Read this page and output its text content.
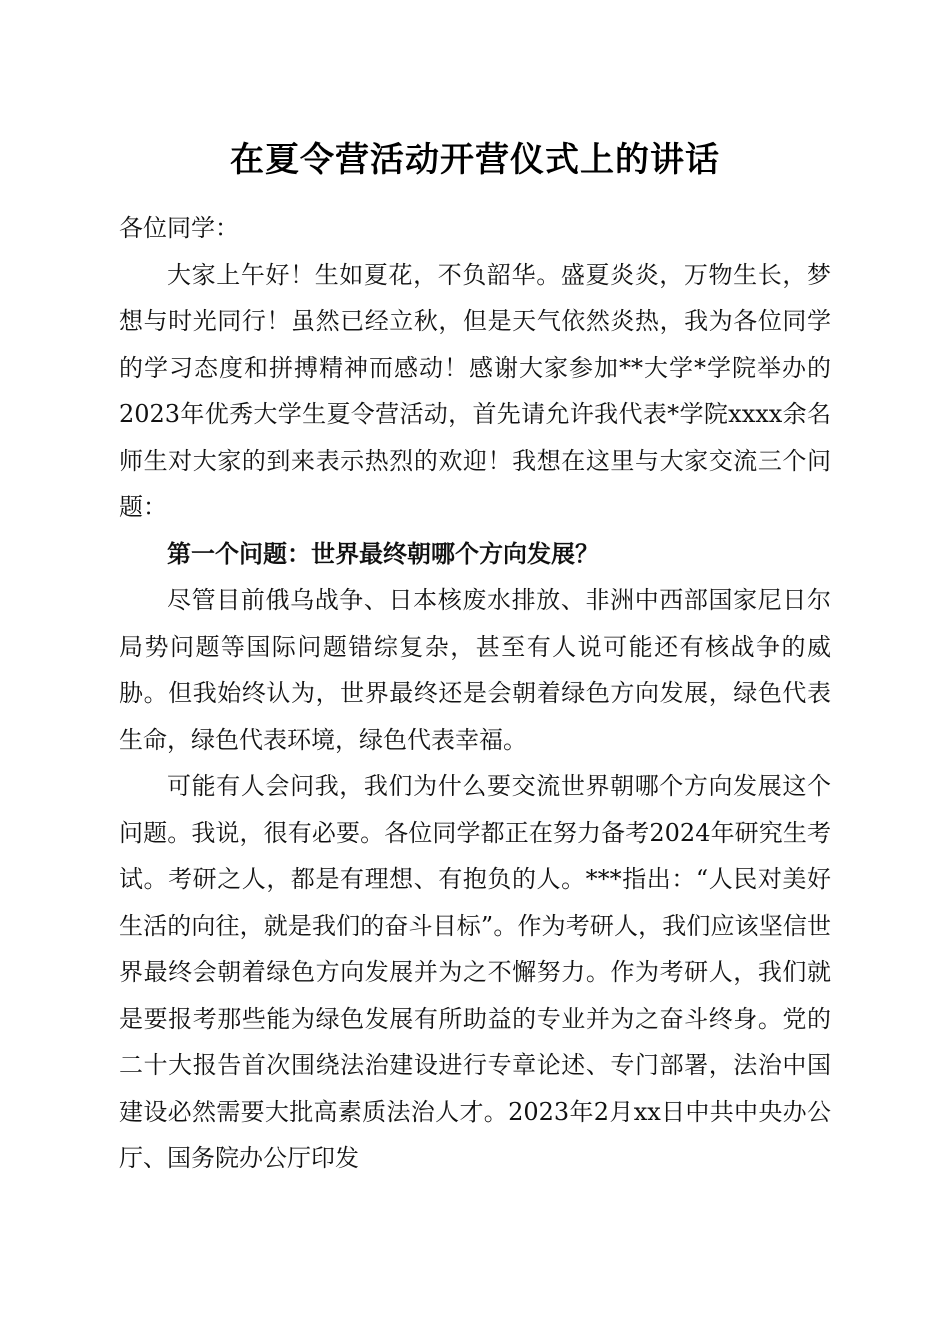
在夏令营活动开营仪式上的讲话

各位同学：

大家上午好！生如夏花，不负韶华。盛夏炎炎，万物生长，梦想与时光同行！虽然已经立秋，但是天气依然炎热，我为各位同学的学习态度和拼搏精神而感动！感谢大家参加**大学*学院举办的2023年优秀大学生夏令营活动，首先请允许我代表*学院xxxx余名师生对大家的到来表示热烈的欢迎！我想在这里与大家交流三个问题：

第一个问题：世界最终朝哪个方向发展？

尽管目前俄乌战争、日本核废水排放、非洲中西部国家尼日尔局势问题等国际问题错综复杂，甚至有人说可能还有核战争的威胁。但我始终认为，世界最终还是会朝着绿色方向发展，绿色代表生命，绿色代表环境，绿色代表幸福。

可能有人会问我，我们为什么要交流世界朝哪个方向发展这个问题。我说，很有必要。各位同学都正在努力备考2024年研究生考试。考研之人，都是有理想、有抱负的人。***指出：“人民对美好生活的向往，就是我们的奋斗目标”。作为考研人，我们应该坚信世界最终会朝着绿色方向发展并为之不懈努力。作为考研人，我们就是要报考那些能为绿色发展有所助益的专业并为之奋斗终身。党的二十大报告首次围绕法治建设进行专章论述、专门部署，法治中国建设必然需要大批高素质法治人才。2023年2月xx日中共中央办公厅、国务院办公厅印发
